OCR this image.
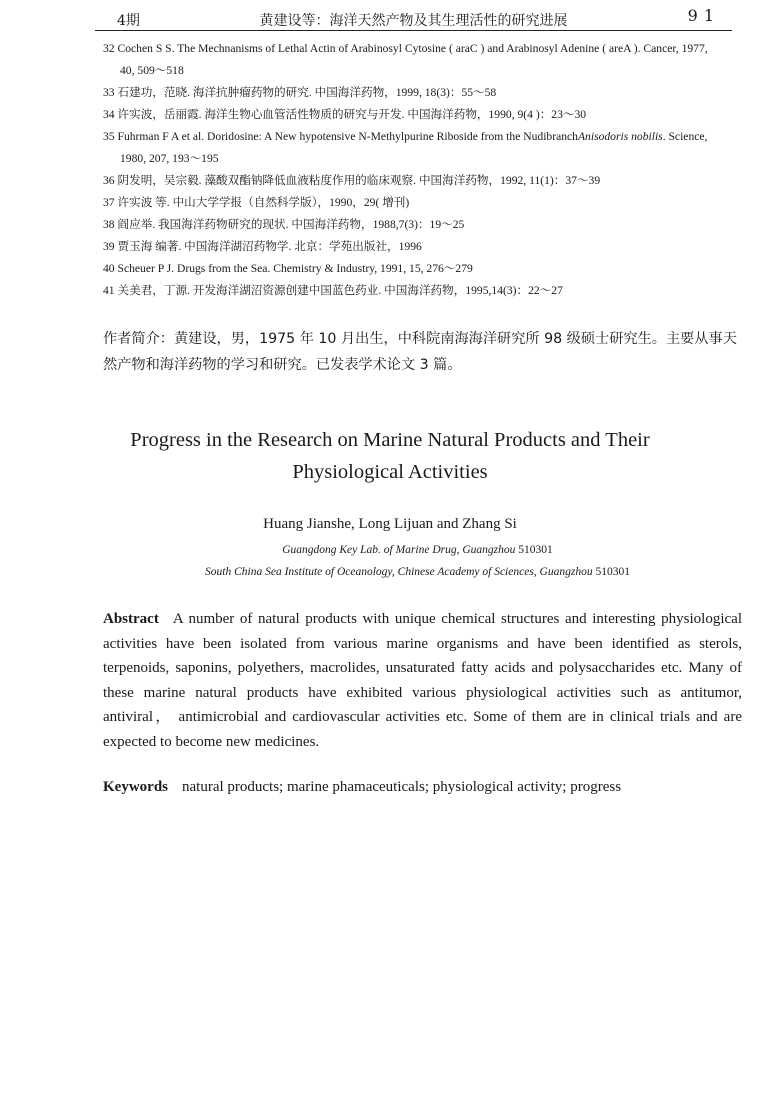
4期	黄建设等：海洋天然产物及其生理活性的研究进展	91

32 Cochen S S. The Mechnanisms of Lethal Actin of Arabinosyl Cytosine ( araC ) and Arabinosyl Adenine ( areA ). Cancer, 1977,
40, 509～518

33 石建功，范晓. 海洋抗肿瘤药物的研究. 中国海洋药物，1999, 18(3)：55～58

34 许实波，岳丽霞. 海洋生物心血管活性物质的研究与开发. 中国海洋药物，1990, 9(4 )：23～30

35 Fuhrman F A et al. Doridosine: A New hypotensive N-Methylpurine Riboside from the NudibranchAnisodoris nobilis. Science,
1980, 207, 193～195

36 阴发明，吴宗毅. 藻酸双酯钠降低血液粘度作用的临床观察. 中国海洋药物，1992, 11(1)：37～39

37 许实波 等. 中山大学学报（自然科学版），1990，29( 增刊)

38 阎应举. 我国海洋药物研究的现状. 中国海洋药物，1988,7(3)：19～25

39 贾玉海 编著. 中国海洋湖沼药物学. 北京：学苑出版社，1996

40 Scheuer P J. Drugs from the Sea. Chemistry & Industry, 1991, 15, 276～279

41 关美君，丁源. 开发海洋湖沼资源创建中国蓝色药业. 中国海洋药物，1995,14(3)：22～27

作者简介：黄建设，男，1975 年 10 月出生，中科院南海海洋研究所 98 级硕士研究生。主要从事天然产物和海洋药物的学习和研究。已发表学术论文 3 篇。
Progress in the Research on Marine Natural Products and Their
Physiological Activities
Huang Jianshe, Long Lijuan and Zhang Si
Guangdong Key Lab. of Marine Drug, Guangzhou 510301
South China Sea Institute of Oceanology, Chinese Academy of Sciences, Guangzhou 510301
Abstract A number of natural products with unique chemical structures and interesting physiological activities have been isolated from various marine organisms and have been identified as sterols, terpenoids, saponins, polyethers, macrolides, unsaturated fatty acids and polysaccharides etc. Many of these marine natural products have exhibited various physiological activities such as antitumor, antiviral， antimicrobial and cardiovascular activities etc. Some of them are in clinical trials and are expected to become new medicines.
Keywords natural products; marine phamaceuticals; physiological activity; progress
